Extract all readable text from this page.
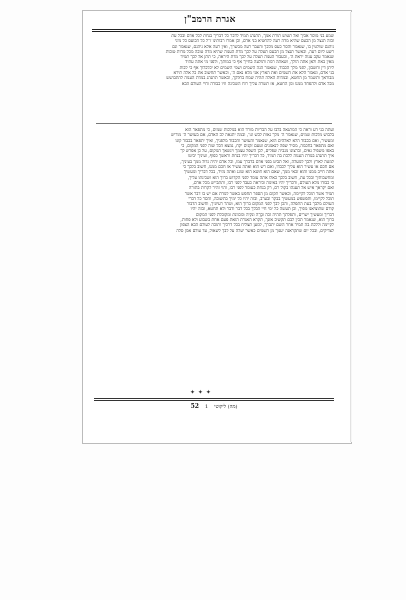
אגרת הרמב"ן
שמע בני מוסר אביך ואל תטוש תורת אמך, תתנהג תמיד לדבר כל דבריך בנחת לכל אדם ובכל עת
ובזה תנצל מן הכעס שהיא מדה רעה להחטיא בני אדם, וכן אמרו רבותינו ז"ל כל הכועס כל מיני
גיהנם שולטין בו, שנאמר והסר כעס מלבך והעבר רעה מבשרך, ואין רעה אלא גיהנם, שנאמר וגם
רשע ליום רעה, וכאשר תנצל מן הכעס תעלה על לבך מדת הענוה שהיא מדה טובה מכל מדות טובות
שנאמר עקב ענוה יראת ה', ובעבור הענוה תעלה על לבך מדת היראה, כי תתן אל לבך תמיד
מאין באת ולאן אתה הולך, ושאתה רמה ותולעה בחייך אף כי במותך, ולפני מי אתה עתיד
ליתן דין וחשבון, לפני מלך הכבוד, שנאמר הנה השמים ושמי השמים לא יכלכלוך אף כי לבות
בני אדם, ונאמר הלא את השמים ואת הארץ אני מלא נאם ה', וכאשר תחשוב את כל אלה תירא
מבוראך ותשמר מן החטא, ובמדות האלה תהיה שמח בחלקך, וכאשר תתנהג במדת הענוה להתבושש
מכל אדם ולהפחד ממנו ומן החטא, אז תשרה עליך רוח השכינה וזיו כבודה וחיי העולם הבא
ועתה בני דע וראה כי המתגאה בלבו על הבריות מורד הוא במלכות שמים, כי מתפאר הוא
בלבוש מלכות שמים, שנאמר ה' מלך גאות לבש וגו', ובמה יתגאה לב האדם, אם בעושר ה' מוריש
ומעשיר, ואם בכבוד הלא לאלהים הוא, שנאמר והעושר והכבוד מלפניך, ואיך יתפאר בכבוד קונו
ואם מתפאר בחכמה, מסיר שפה לנאמנים וטעם זקנים יקח, נמצא הכל שוה לפני המקום, כי
באפו משפיל גאים, וברצונו מגביה שפלים, לכן השפל עצמך וינשאך המקום, על כן אפרש לך
איך תתנהג במדת הענוה ללכת בה תמיד, כל דבריך יהיו בנחת וראשך כפוף, ועיניך יביטו
למטה לארץ ולבך למעלה, ואל תביט בפני אדם בדברך עמו, וכל אדם יהיה גדול ממך בעיניך,
אם חכם או עשיר הוא עליך לכבדו, ואם רש הוא ואתה עשיר או חכם ממנו, חשוב בלבך כי
אתה חייב ממנו והוא זכאי ממך, שאם הוא חוטא הוא שוגג ואתה מזיד, בכל דבריך ומעשיך
ומחשבותיך ובכל עת, חשוב בלבך כאלו אתה עומד לפני הקדוש ברוך הוא ושכינתו עליך,
כי כבודו מלא העולם, ודבריך יהיו באימה וביראה כעבד לפני רבו, ותתבייש מכל אדם,
ואם יקראך איש אל תענהו בקול רם, רק בנחת כעומד לפני רבו, והוי זהיר לקרות בתורה
תמיד אשר תוכל לקיימה, וכאשר תקום מן הספר תחפש באשר למדת אם יש בו דבר אשר
תוכל לקיימו, ותפשפש במעשיך בבקר ובערב, ובזה יהיו כל ימיך בתשובה, והסר כל דברי
העולם מלבך בעת התפלה, והכן לבך לפני המקום ברוך הוא, וטהר רעיוניך, וחשוב הדבור
קודם שתוציאנו מפיך, וכן תעשה כל ימי חיי הבלך בכל דבר ודבר ולא תחטא, ובזה יהיו
דבריך ומעשיך ישרים, ותפלתך תהיה זכה ובָרָה ונקיה ומכוונת ומקובלת לפני המקום
ברוך הוא, שנאמר תכין לבם תקשיב אזנך, תקרא האגרת הזאת פעם אחת בשבוע ולא פחות,
לקיימה וללכת בה תמיד אחר השם יתברך, למען תצליח בכל דרכיך ותזכה לעולם הבא הצפון
לצדיקים, ובכל יום שתקראנה יענוך מן השמים כאשר יעלה על לבך לשאול, עד עולם אמן סלה
✦ ✦ ✦
(מה) ליקוטי
1
52
